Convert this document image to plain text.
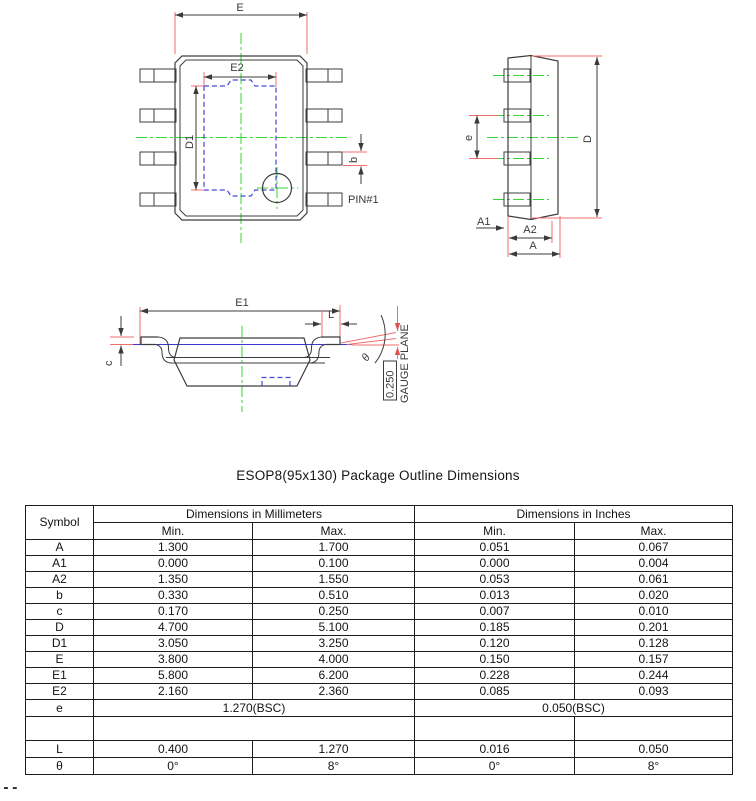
E
E2
D1
b
PIN#1
e	D
A1
A2
A
E1
L
c	θ
0.250 GAUGE PLANE
ESOP8(95x130) Package Outline Dimensions
Symbol	Dimensions in Millimeters		Dimensions in Inches	
	Min.	Max.	Min.	Max.
A	1.300	1.700	0.051	0.067
A1	0.000	0.100	0.000	0.004
A2	1.350	1.550	0.053	0.061
b	0.330	0.510	0.013	0.020
c	0.170	0.250	0.007	0.010
D	4.700	5.100	0.185	0.201
D1	3.050	3.250	0.120	0.128
E	3.800	4.000	0.150	0.157
E1	5.800	6.200	0.228	0.244
E2	2.160	2.360	0.085	0.093
e	1.270(BSC)		0.050(BSC)	

L	0.400	1.270	0.016	0.050
θ	0°	8°	0°	8°
--
